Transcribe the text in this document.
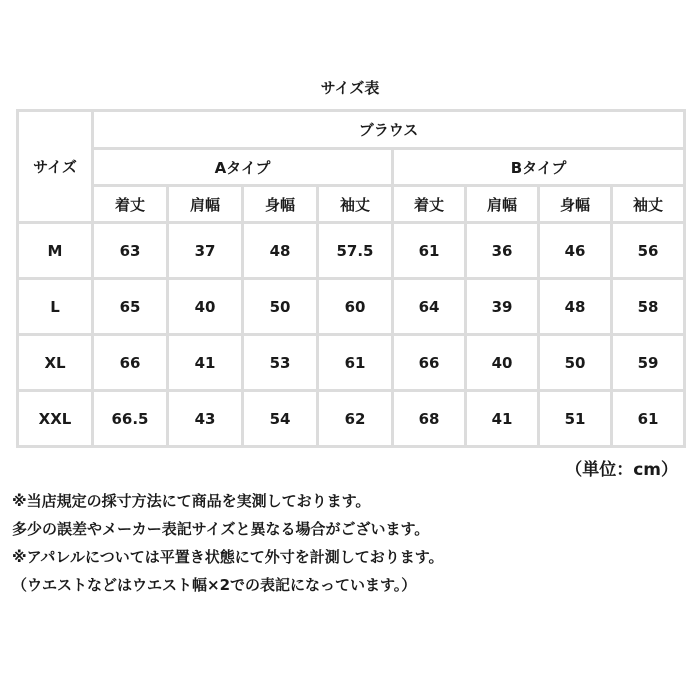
サイズ表
サイズ	ブラウス							
	Aタイプ				Bタイプ			
	着丈	肩幅	身幅	袖丈	着丈	肩幅	身幅	袖丈
M	63	37	48	57.5	61	36	46	56
L	65	40	50	60	64	39	48	58
XL	66	41	53	61	66	40	50	59
XXL	66.5	43	54	62	68	41	51	61
（単位：cm）
※当店規定の採寸方法にて商品を実測しております。
多少の誤差やメーカー表記サイズと異なる場合がございます。
※アパレルについては平置き状態にて外寸を計測しております。
（ウエストなどはウエスト幅×2での表記になっています。）
